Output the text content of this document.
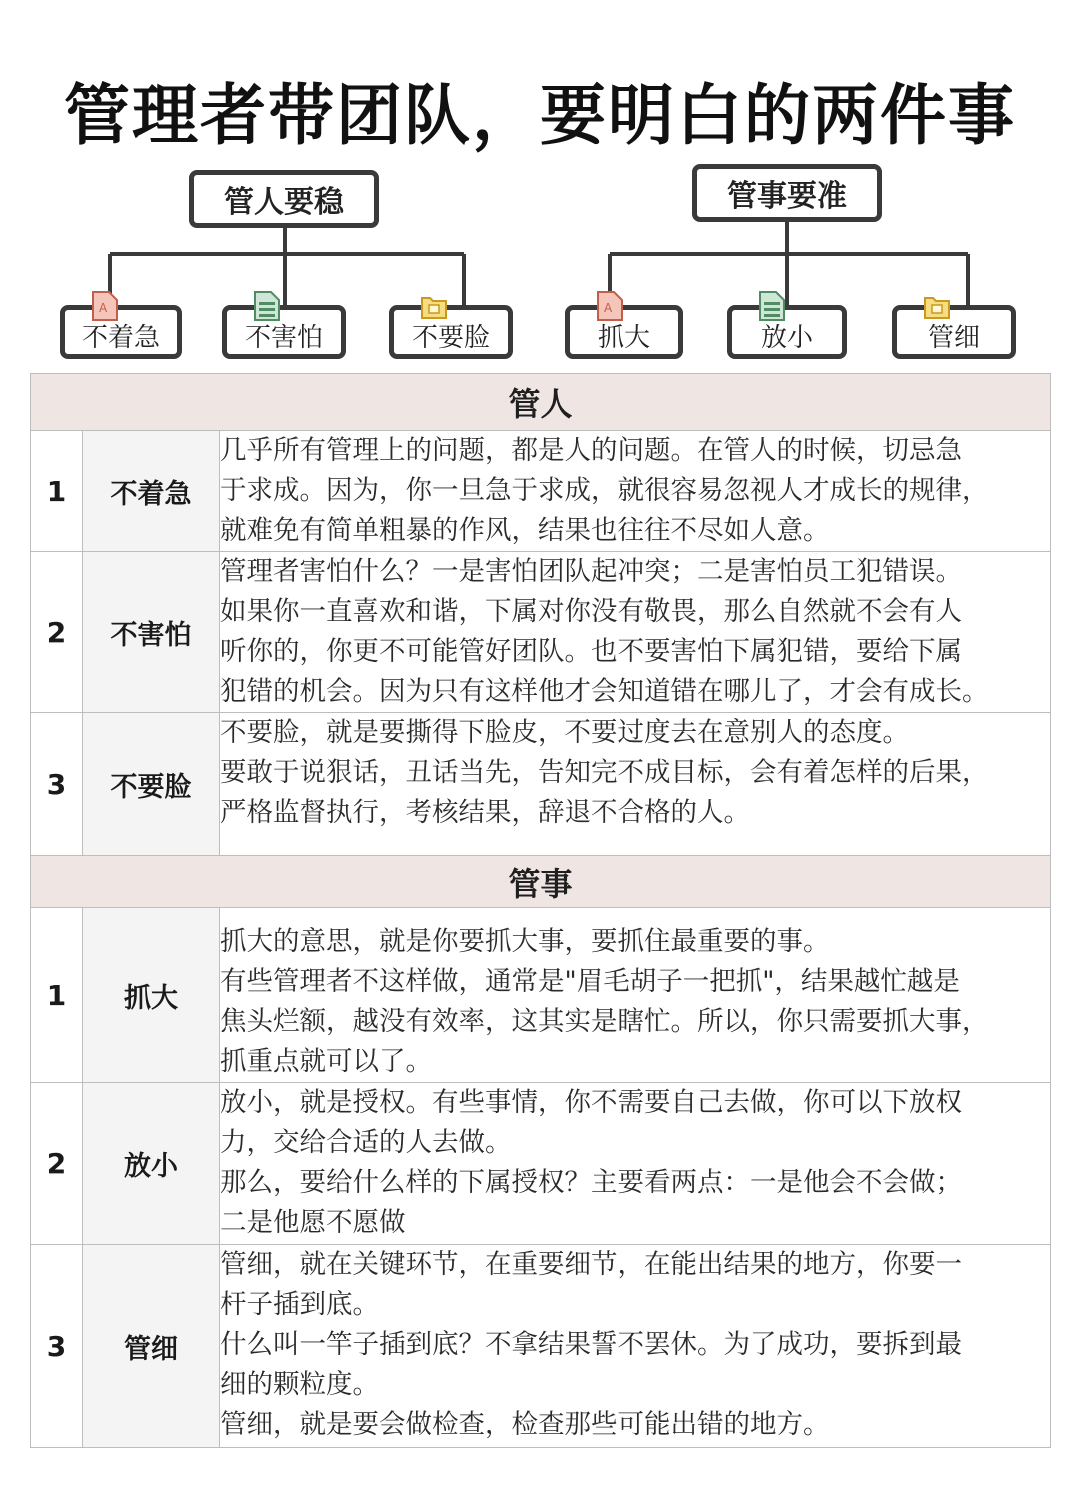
管理者带团队，要明白的两件事
管人要稳	管事要准
A
不着急	不害怕	不要脸
A
抓大	放小	管细
管人		
1	不着急	几乎所有管理上的问题，都是人的问题。在管人的时候，切忌急
于求成。因为，你一旦急于求成，就很容易忽视人才成长的规律，
就难免有简单粗暴的作风，结果也往往不尽如人意。
2	不害怕	管理者害怕什么？一是害怕团队起冲突；二是害怕员工犯错误。
如果你一直喜欢和谐，下属对你没有敬畏，那么自然就不会有人
听你的，你更不可能管好团队。也不要害怕下属犯错，要给下属
犯错的机会。因为只有这样他才会知道错在哪儿了，才会有成长。
3	不要脸	不要脸，就是要撕得下脸皮，不要过度去在意别人的态度。
要敢于说狠话，丑话当先，告知完不成目标，会有着怎样的后果，
严格监督执行，考核结果，辞退不合格的人。
管事		
1	抓大	抓大的意思，就是你要抓大事，要抓住最重要的事。
有些管理者不这样做，通常是"眉毛胡子一把抓"，结果越忙越是
焦头烂额，越没有效率，这其实是瞎忙。所以，你只需要抓大事，
抓重点就可以了。
2	放小	放小，就是授权。有些事情，你不需要自己去做，你可以下放权
力，交给合适的人去做。
那么，要给什么样的下属授权？主要看两点：一是他会不会做；
二是他愿不愿做
3	管细	管细，就在关键环节，在重要细节，在能出结果的地方，你要一
杆子插到底。
什么叫一竿子插到底？不拿结果誓不罢休。为了成功，要拆到最
细的颗粒度。
管细，就是要会做检查，检查那些可能出错的地方。
